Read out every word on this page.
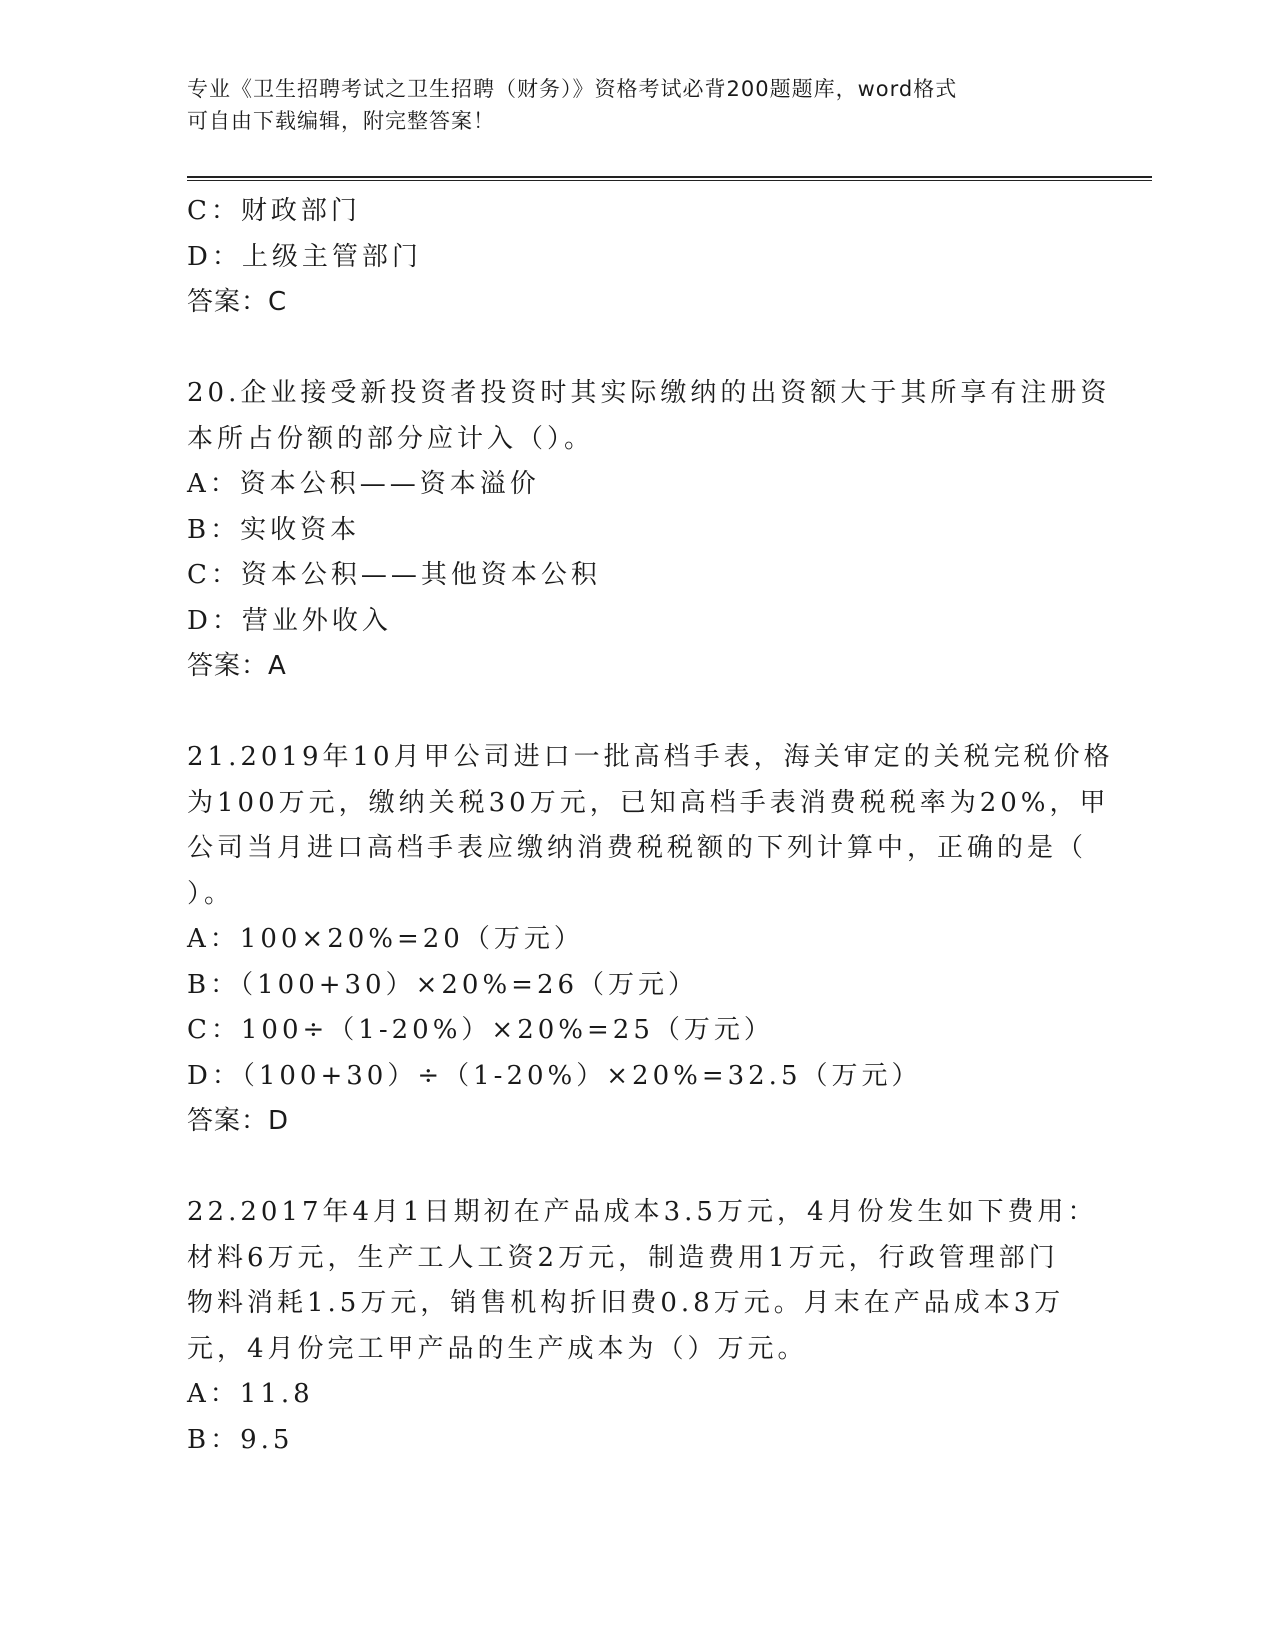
专业《卫生招聘考试之卫生招聘（财务）》资格考试必背200题题库，word格式
可自由下载编辑，附完整答案！
C：财政部门
D：上级主管部门
答案：C
20.企业接受新投资者投资时其实际缴纳的出资额大于其所享有注册资
本所占份额的部分应计入（）。
A：资本公积——资本溢价
B：实收资本
C：资本公积——其他资本公积
D：营业外收入
答案：A
21.2019年10月甲公司进口一批高档手表，海关审定的关税完税价格
为100万元，缴纳关税30万元，已知高档手表消费税税率为20%，甲
公司当月进口高档手表应缴纳消费税税额的下列计算中，正确的是（
）。
A：100×20%=20（万元）
B：（100+30）×20%=26（万元）
C：100÷（1-20%）×20%=25（万元）
D：（100+30）÷（1-20%）×20%=32.5（万元）
答案：D
22.2017年4月1日期初在产品成本3.5万元，4月份发生如下费用：
材料6万元，生产工人工资2万元，制造费用1万元，行政管理部门
物料消耗1.5万元，销售机构折旧费0.8万元。月末在产品成本3万
元，4月份完工甲产品的生产成本为（）万元。
A：11.8
B：9.5
